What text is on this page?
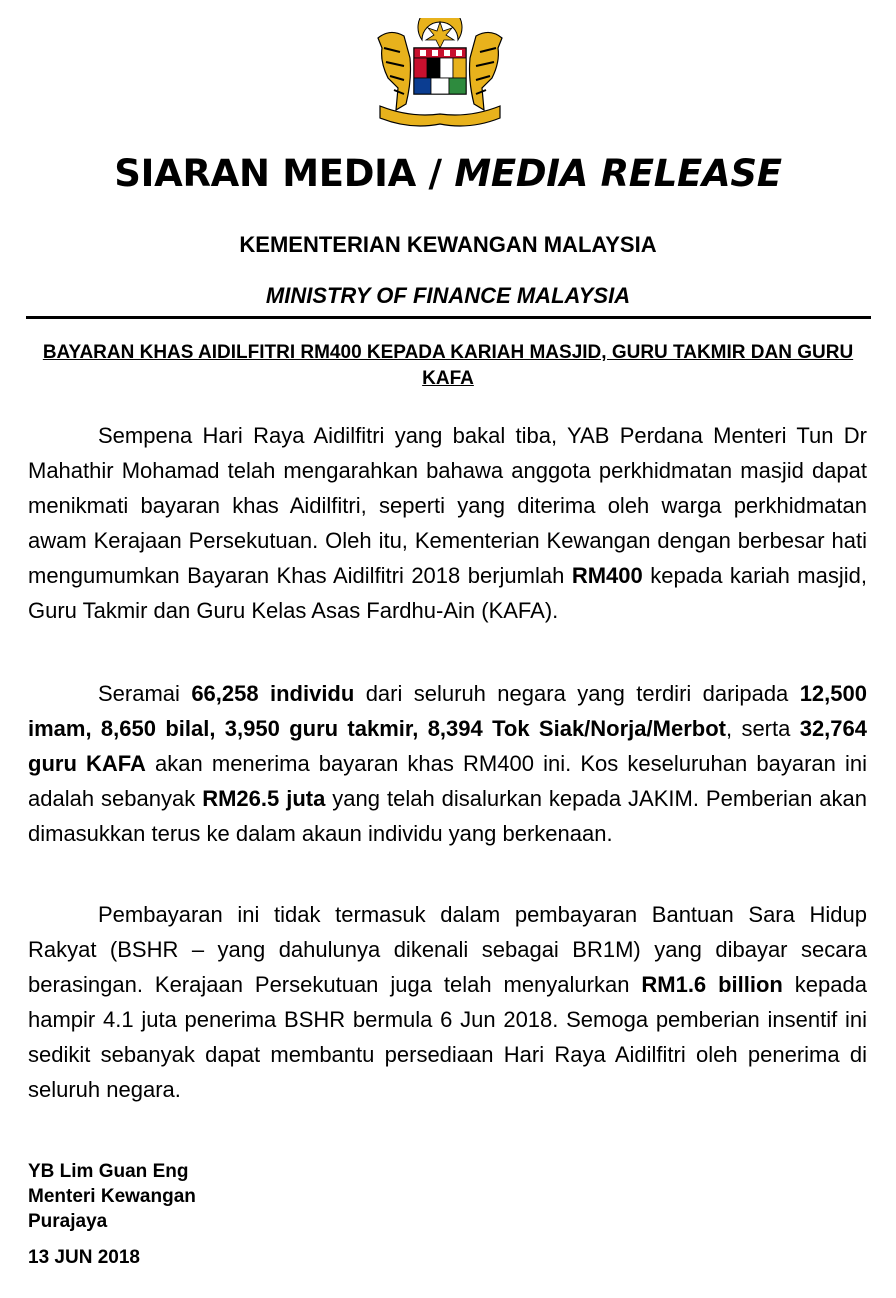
SIARAN MEDIA / MEDIA RELEASE
KEMENTERIAN KEWANGAN MALAYSIA
MINISTRY OF FINANCE MALAYSIA
BAYARAN KHAS AIDILFITRI RM400 KEPADA KARIAH MASJID, GURU TAKMIR DAN GURU KAFA

Sempena Hari Raya Aidilfitri yang bakal tiba, YAB Perdana Menteri Tun Dr Mahathir Mohamad telah mengarahkan bahawa anggota perkhidmatan masjid dapat menikmati bayaran khas Aidilfitri, seperti yang diterima oleh warga perkhidmatan awam Kerajaan Persekutuan. Oleh itu, Kementerian Kewangan dengan berbesar hati mengumumkan Bayaran Khas Aidilfitri 2018 berjumlah RM400 kepada kariah masjid, Guru Takmir dan Guru Kelas Asas Fardhu-Ain (KAFA).

Seramai 66,258 individu dari seluruh negara yang terdiri daripada 12,500 imam, 8,650 bilal, 3,950 guru takmir, 8,394 Tok Siak/Norja/Merbot, serta 32,764 guru KAFA akan menerima bayaran khas RM400 ini. Kos keseluruhan bayaran ini adalah sebanyak RM26.5 juta yang telah disalurkan kepada JAKIM. Pemberian akan dimasukkan terus ke dalam akaun individu yang berkenaan.

Pembayaran ini tidak termasuk dalam pembayaran Bantuan Sara Hidup Rakyat (BSHR – yang dahulunya dikenali sebagai BR1M) yang dibayar secara berasingan. Kerajaan Persekutuan juga telah menyalurkan RM1.6 billion kepada hampir 4.1 juta penerima BSHR bermula 6 Jun 2018. Semoga pemberian insentif ini sedikit sebanyak dapat membantu persediaan Hari Raya Aidilfitri oleh penerima di seluruh negara.

YB Lim Guan Eng
Menteri Kewangan
Purajaya
13 JUN 2018
